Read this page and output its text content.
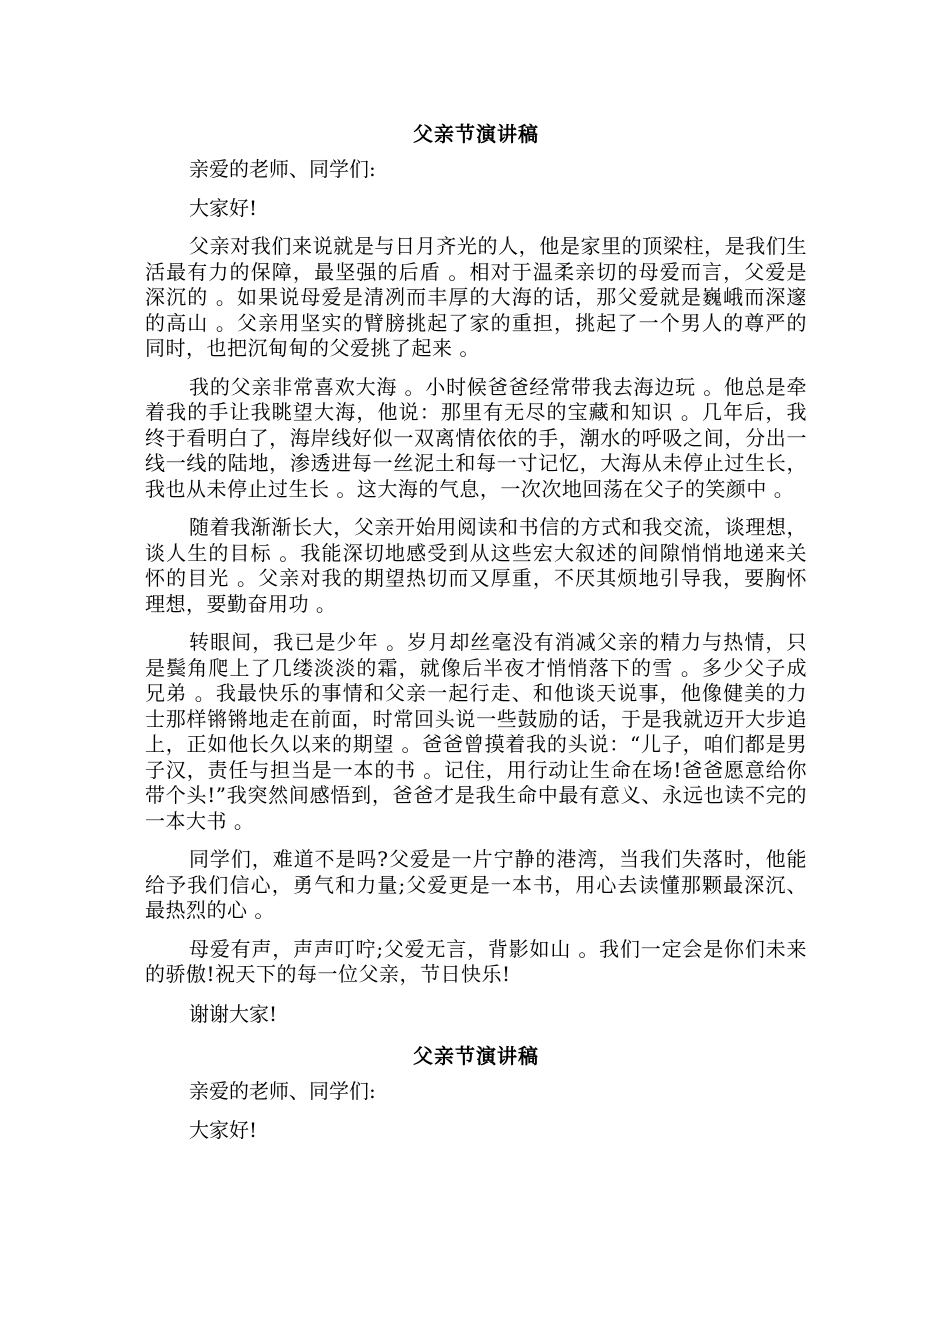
父亲节演讲稿
亲爱的老师、同学们:
大家好!
父亲对我们来说就是与日月齐光的人，他是家里的顶梁柱，是我们生活最有力的保障，最坚强的后盾 。相对于温柔亲切的母爱而言，父爱是深沉的 。如果说母爱是清冽而丰厚的大海的话，那父爱就是巍峨而深邃的高山 。父亲用坚实的臂膀挑起了家的重担，挑起了一个男人的尊严的同时，也把沉甸甸的父爱挑了起来 。
我的父亲非常喜欢大海 。小时候爸爸经常带我去海边玩 。他总是牵着我的手让我眺望大海，他说：那里有无尽的宝藏和知识 。几年后，我终于看明白了，海岸线好似一双离情依依的手，潮水的呼吸之间，分出一线一线的陆地，渗透进每一丝泥土和每一寸记忆，大海从未停止过生长，我也从未停止过生长 。这大海的气息，一次次地回荡在父子的笑颜中 。
随着我渐渐长大，父亲开始用阅读和书信的方式和我交流，谈理想，谈人生的目标 。我能深切地感受到从这些宏大叙述的间隙悄悄地递来关怀的目光 。父亲对我的期望热切而又厚重，不厌其烦地引导我，要胸怀理想，要勤奋用功 。
转眼间，我已是少年 。岁月却丝毫没有消减父亲的精力与热情，只是鬓角爬上了几缕淡淡的霜，就像后半夜才悄悄落下的雪 。多少父子成兄弟 。我最快乐的事情和父亲一起行走、和他谈天说事，他像健美的力士那样锵锵地走在前面，时常回头说一些鼓励的话，于是我就迈开大步追上，正如他长久以来的期望 。爸爸曾摸着我的头说：“儿子，咱们都是男子汉，责任与担当是一本的书 。记住，用行动让生命在场!爸爸愿意给你带个头!”我突然间感悟到，爸爸才是我生命中最有意义、永远也读不完的一本大书 。
同学们，难道不是吗?父爱是一片宁静的港湾，当我们失落时，他能给予我们信心，勇气和力量;父爱更是一本书，用心去读懂那颗最深沉、最热烈的心 。
母爱有声，声声叮咛;父爱无言，背影如山 。我们一定会是你们未来的骄傲!祝天下的每一位父亲，节日快乐!
谢谢大家!
父亲节演讲稿
亲爱的老师、同学们:
大家好!
